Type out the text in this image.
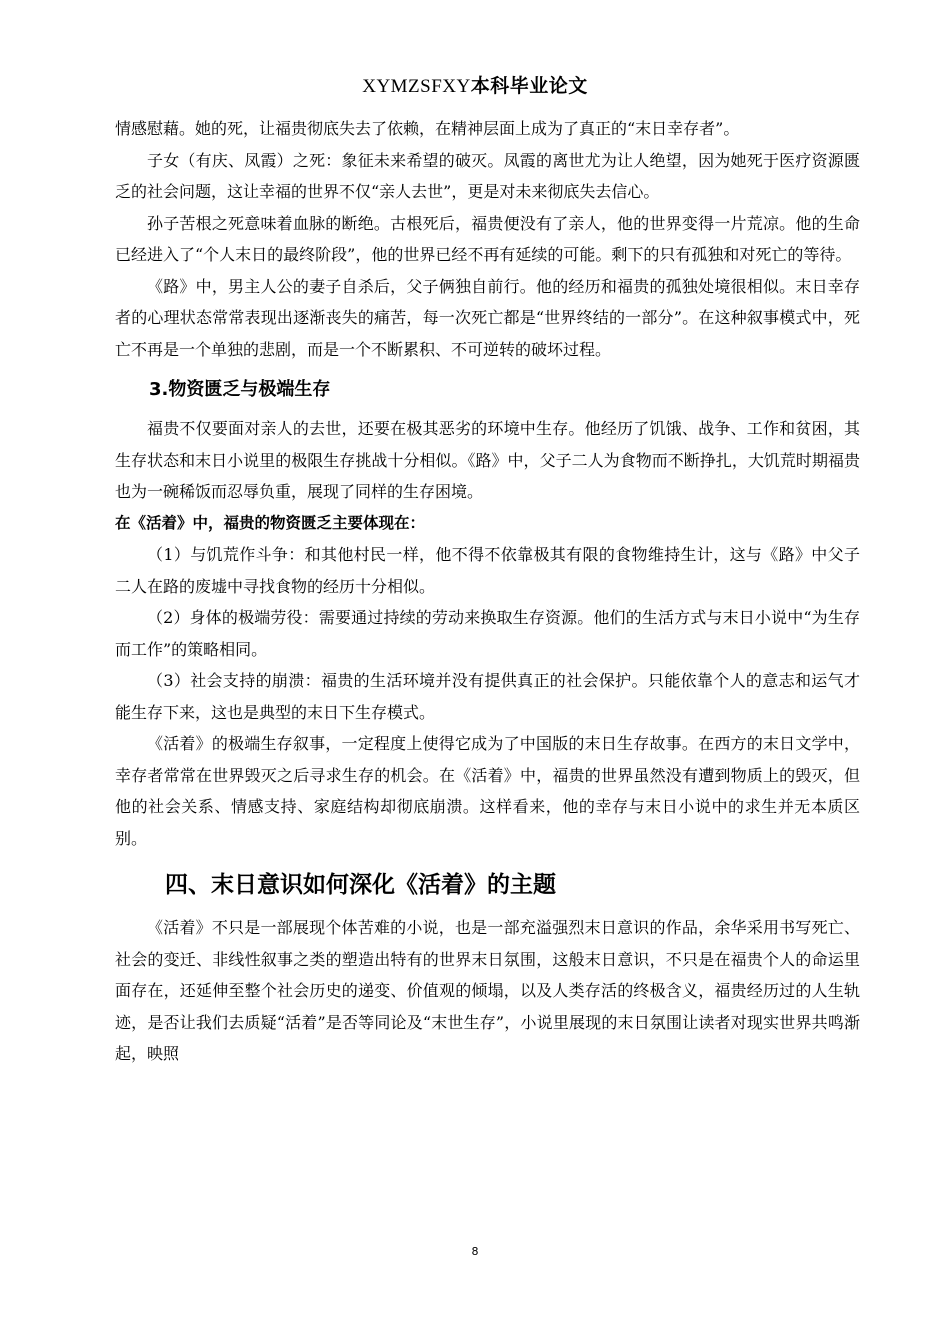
XYMZSFXY本科毕业论文

情感慰藉。她的死，让福贵彻底失去了依赖，在精神层面上成为了真正的“末日幸存者”。

子女（有庆、凤霞）之死：象征未来希望的破灭。凤霞的离世尤为让人绝望，因为她死于医疗资源匮乏的社会问题，这让幸福的世界不仅“亲人去世”，更是对未来彻底失去信心。

孙子苦根之死意味着血脉的断绝。古根死后，福贵便没有了亲人，他的世界变得一片荒凉。他的生命已经进入了“个人末日的最终阶段”，他的世界已经不再有延续的可能。剩下的只有孤独和对死亡的等待。

《路》中，男主人公的妻子自杀后，父子俩独自前行。他的经历和福贵的孤独处境很相似。末日幸存者的心理状态常常表现出逐渐丧失的痛苦，每一次死亡都是“世界终结的一部分”。在这种叙事模式中，死亡不再是一个单独的悲剧，而是一个不断累积、不可逆转的破坏过程。

3.物资匮乏与极端生存

福贵不仅要面对亲人的去世，还要在极其恶劣的环境中生存。他经历了饥饿、战争、工作和贫困，其生存状态和末日小说里的极限生存挑战十分相似。《路》中，父子二人为食物而不断挣扎，大饥荒时期福贵也为一碗稀饭而忍辱负重，展现了同样的生存困境。

在《活着》中，福贵的物资匮乏主要体现在：

（1）与饥荒作斗争：和其他村民一样，他不得不依靠极其有限的食物维持生计，这与《路》中父子二人在路的废墟中寻找食物的经历十分相似。

（2）身体的极端劳役：需要通过持续的劳动来换取生存资源。他们的生活方式与末日小说中“为生存而工作”的策略相同。

（3）社会支持的崩溃：福贵的生活环境并没有提供真正的社会保护。只能依靠个人的意志和运气才能生存下来，这也是典型的末日下生存模式。

《活着》的极端生存叙事，一定程度上使得它成为了中国版的末日生存故事。在西方的末日文学中，幸存者常常在世界毁灭之后寻求生存的机会。在《活着》中，福贵的世界虽然没有遭到物质上的毁灭，但他的社会关系、情感支持、家庭结构却彻底崩溃。这样看来，他的幸存与末日小说中的求生并无本质区别。

四、末日意识如何深化《活着》的主题

《活着》不只是一部展现个体苦难的小说，也是一部充溢强烈末日意识的作品，余华采用书写死亡、社会的变迁、非线性叙事之类的塑造出特有的世界末日氛围，这般末日意识，不只是在福贵个人的命运里面存在，还延伸至整个社会历史的递变、价值观的倾塌，以及人类存活的终极含义，福贵经历过的人生轨迹，是否让我们去质疑“活着”是否等同论及“末世生存”，小说里展现的末日氛围让读者对现实世界共鸣渐起，映照

8
